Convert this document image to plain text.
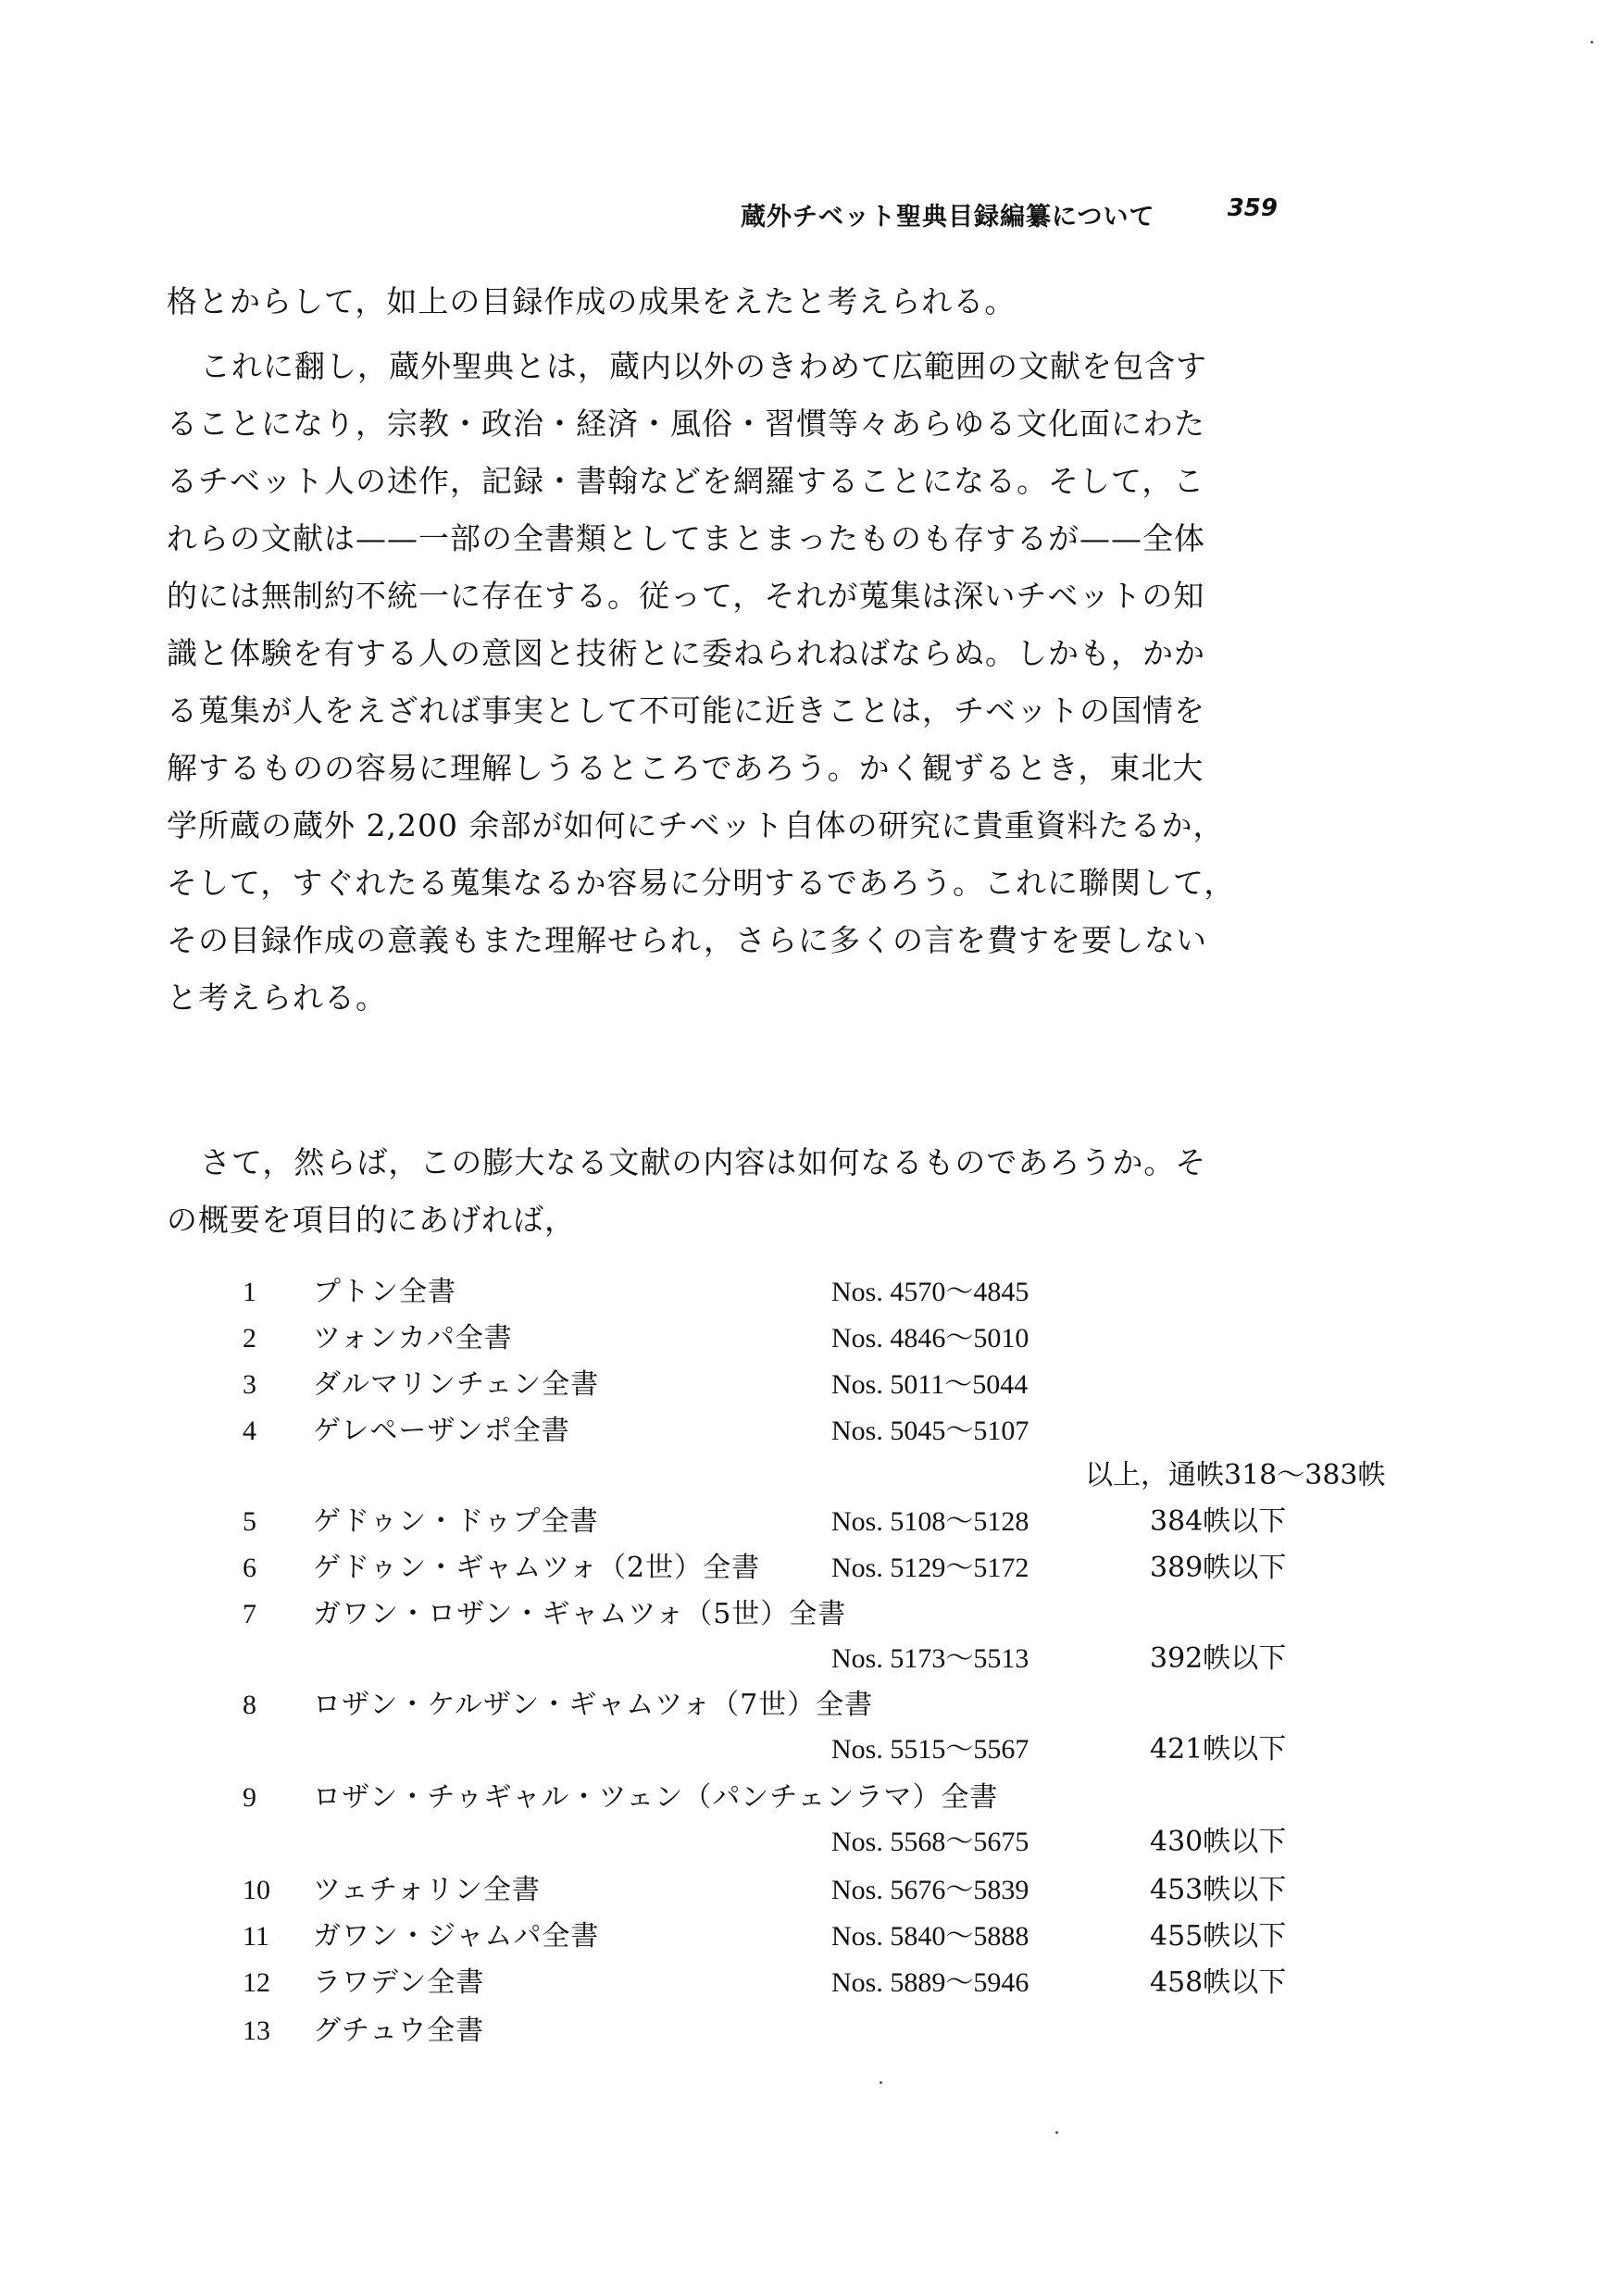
蔵外チベット聖典目録編纂について	359
格とからして，如上の目録作成の成果をえたと考えられる。
これに翻し，蔵外聖典とは，蔵内以外のきわめて広範囲の文献を包含す
ることになり，宗教・政治・経済・風俗・習慣等々あらゆる文化面にわた
るチベット人の述作，記録・書翰などを網羅することになる。そして，こ
れらの文献は——一部の全書類としてまとまったものも存するが——全体
的には無制約不統一に存在する。従って，それが蒐集は深いチベットの知
識と体験を有する人の意図と技術とに委ねられねばならぬ。しかも，かか
る蒐集が人をえざれば事実として不可能に近きことは，チベットの国情を
解するものの容易に理解しうるところであろう。かく観ずるとき，東北大
学所蔵の蔵外 2,200 余部が如何にチベット自体の研究に貴重資料たるか，
そして，すぐれたる蒐集なるか容易に分明するであろう。これに聯関して，
その目録作成の意義もまた理解せられ，さらに多くの言を費すを要しない
と考えられる。
さて，然らば，この膨大なる文献の内容は如何なるものであろうか。そ
の概要を項目的にあげれば，
1	プトン全書	Nos. 4570〜4845
2	ツォンカパ全書	Nos. 4846〜5010
3	ダルマリンチェン全書	Nos. 5011〜5044
4	ゲレペーザンポ全書	Nos. 5045〜5107
以上，通帙318〜383帙
5	ゲドゥン・ドゥプ全書	Nos. 5108〜5128	384帙以下
6	ゲドゥン・ギャムツォ（2世）全書	Nos. 5129〜5172	389帙以下
7	ガワン・ロザン・ギャムツォ（5世）全書
Nos. 5173〜5513	392帙以下
8	ロザン・ケルザン・ギャムツォ（7世）全書
Nos. 5515〜5567	421帙以下
9	ロザン・チゥギャル・ツェン（パンチェンラマ）全書
Nos. 5568〜5675	430帙以下
10	ツェチォリン全書	Nos. 5676〜5839	453帙以下
11	ガワン・ジャムパ全書	Nos. 5840〜5888	455帙以下
12	ラワデン全書	Nos. 5889〜5946	458帙以下
13	グチュウ全書
